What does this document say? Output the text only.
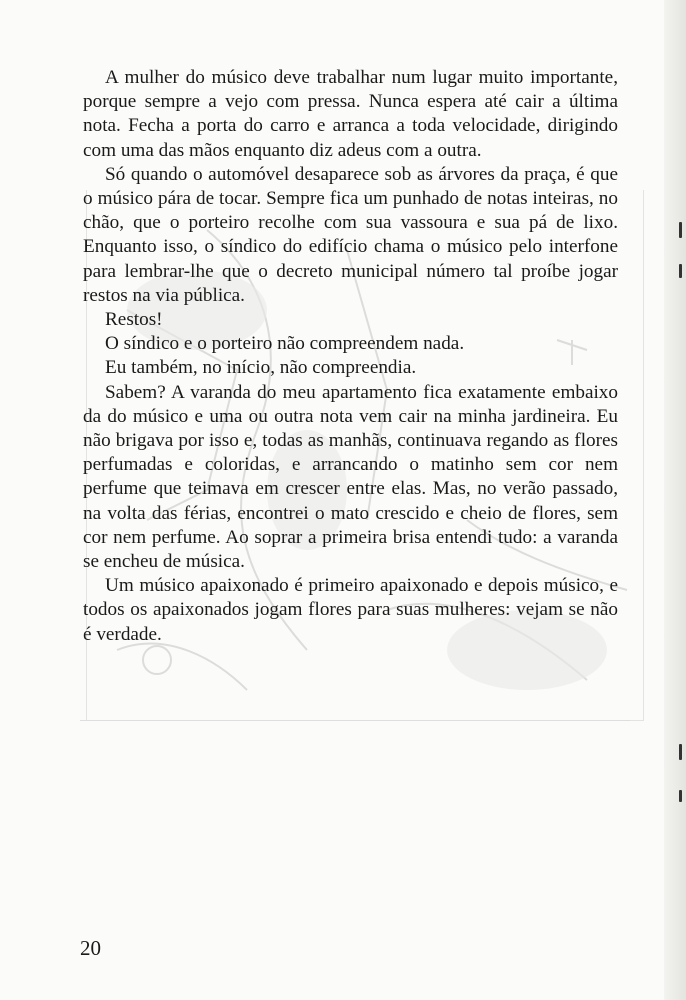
A mulher do músico deve trabalhar num lugar muito importante, porque sempre a vejo com pressa. Nunca espera até cair a última nota. Fecha a porta do carro e arranca a toda velocidade, dirigindo com uma das mãos enquanto diz adeus com a outra.

Só quando o automóvel desaparece sob as árvores da praça, é que o músico pára de tocar. Sempre fica um punhado de notas inteiras, no chão, que o porteiro recolhe com sua vassoura e sua pá de lixo. Enquanto isso, o síndico do edifício chama o músico pelo interfone para lembrar-lhe que o decreto municipal número tal proíbe jogar restos na via pública.

Restos!

O síndico e o porteiro não compreendem nada.

Eu também, no início, não compreendia.

Sabem? A varanda do meu apartamento fica exatamente embaixo da do músico e uma ou outra nota vem cair na minha jardineira. Eu não brigava por isso e, todas as manhãs, continuava regando as flores perfumadas e coloridas, e arrancando o matinho sem cor nem perfume que teimava em crescer entre elas. Mas, no verão passado, na volta das férias, encontrei o mato crescido e cheio de flores, sem cor nem perfume. Ao soprar a primeira brisa entendi tudo: a varanda se encheu de música.

Um músico apaixonado é primeiro apaixonado e depois músico, e todos os apaixonados jogam flores para suas mulheres: vejam se não é verdade.

20
